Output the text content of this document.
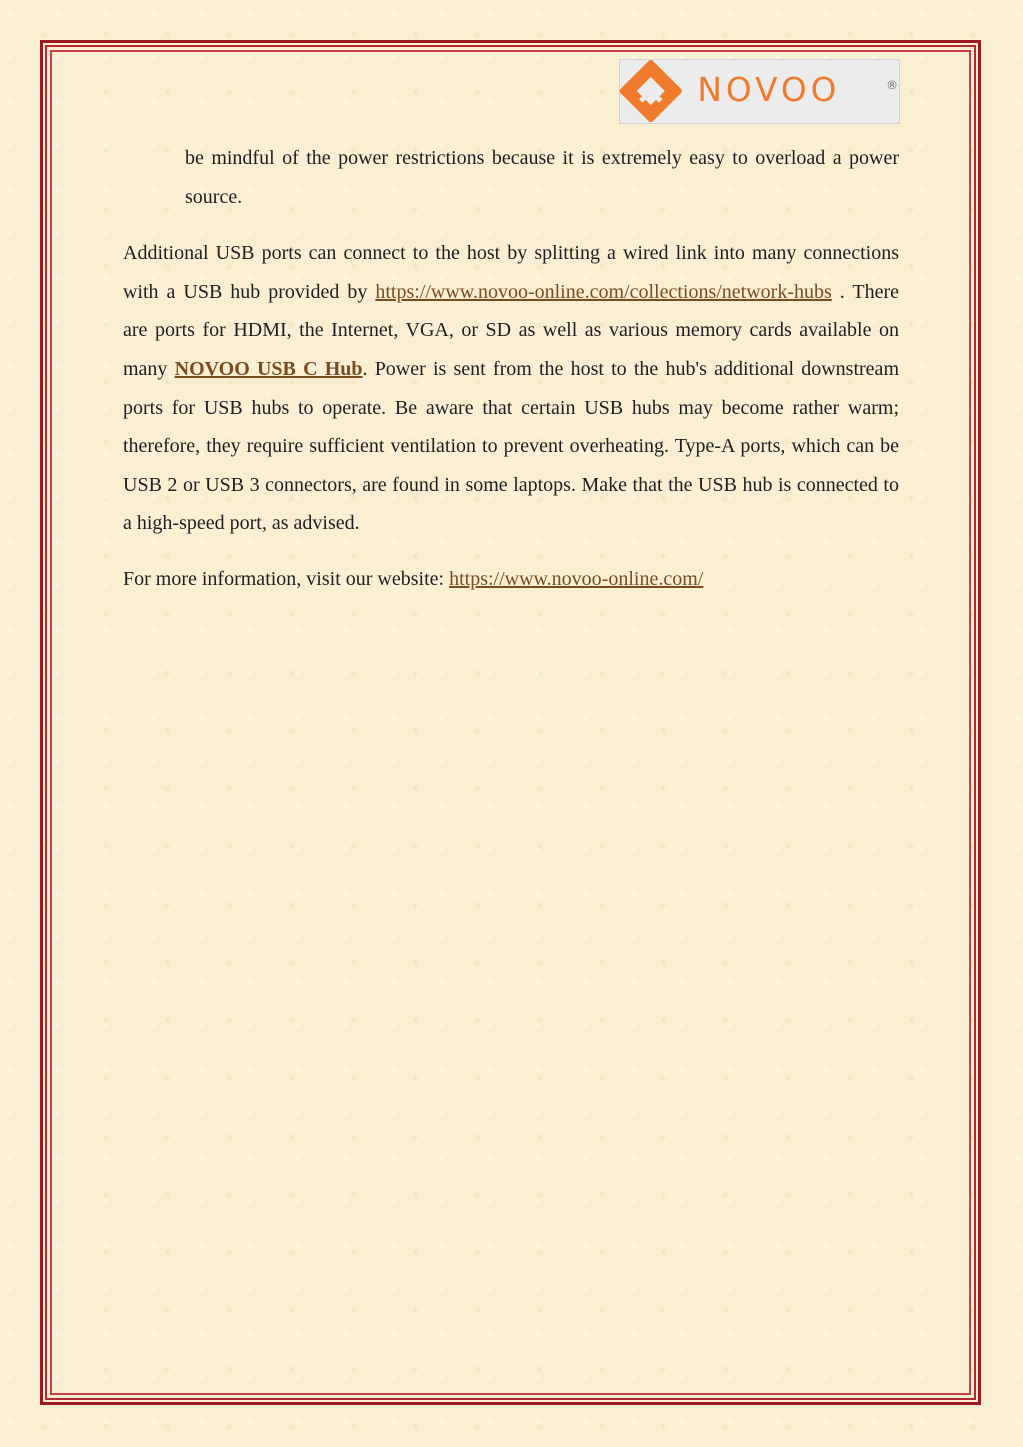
NOVOO	®

be mindful of the power restrictions because it is extremely easy to overload a power source.

Additional USB ports can connect to the host by splitting a wired link into many connections with a USB hub provided by https://www.novoo-online.com/collections/network-hubs . There are ports for HDMI, the Internet, VGA, or SD as well as various memory cards available on many NOVOO USB C Hub. Power is sent from the host to the hub's additional downstream ports for USB hubs to operate. Be aware that certain USB hubs may become rather warm; therefore, they require sufficient ventilation to prevent overheating. Type-A ports, which can be USB 2 or USB 3 connectors, are found in some laptops. Make that the USB hub is connected to a high-speed port, as advised.

For more information, visit our website: https://www.novoo-online.com/
